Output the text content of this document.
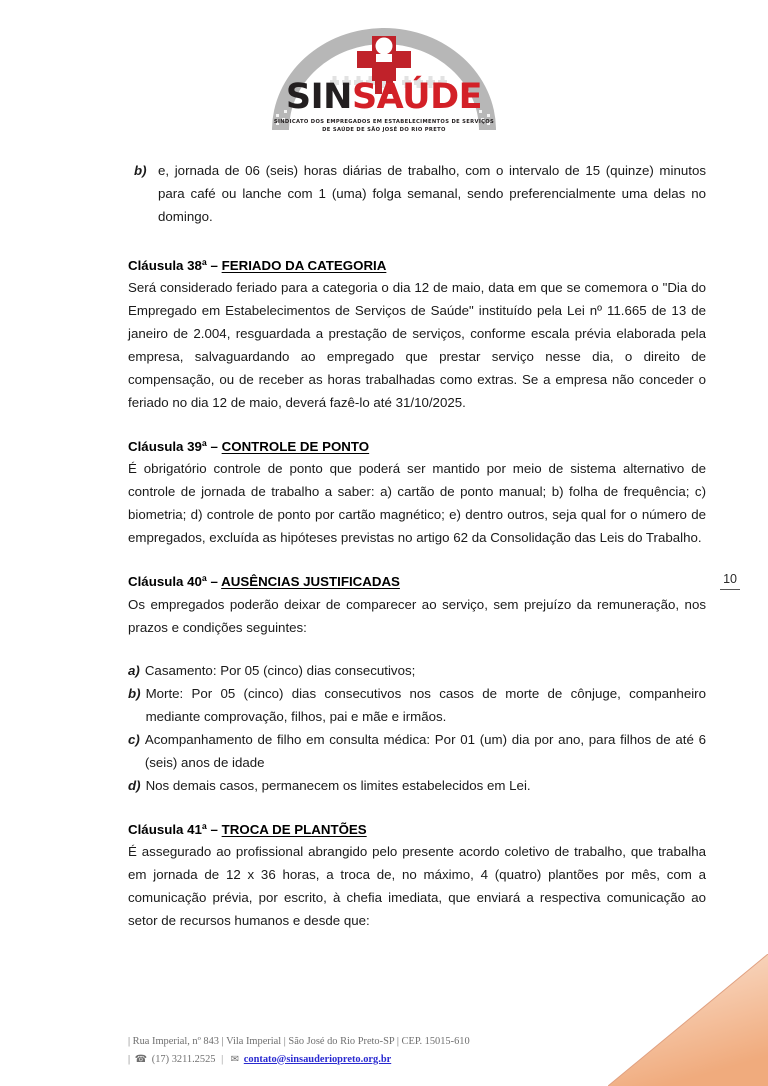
SINSAÚDE
SINDICATO DOS EMPREGADOS EM ESTABELECIMENTOS DE SERVIÇOS
DE SAÚDE DE SÃO JOSÉ DO RIO PRETO
10
b) e, jornada de 06 (seis) horas diárias de trabalho, com o intervalo de 15 (quinze) minutos para café ou lanche com 1 (uma) folga semanal, sendo preferencialmente uma delas no domingo.

Cláusula 38ª – FERIADO DA CATEGORIA

Será considerado feriado para a categoria o dia 12 de maio, data em que se comemora o "Dia do Empregado em Estabelecimentos de Serviços de Saúde" instituído pela Lei nº 11.665 de 13 de janeiro de 2.004, resguardada a prestação de serviços, conforme escala prévia elaborada pela empresa, salvaguardando ao empregado que prestar serviço nesse dia, o direito de compensação, ou de receber as horas trabalhadas como extras. Se a empresa não conceder o feriado no dia 12 de maio, deverá fazê-lo até 31/10/2025.

Cláusula 39ª – CONTROLE DE PONTO

É obrigatório controle de ponto que poderá ser mantido por meio de sistema alternativo de controle de jornada de trabalho a saber: a) cartão de ponto manual; b) folha de frequência; c) biometria; d) controle de ponto por cartão magnético; e) dentro outros, seja qual for o número de empregados, excluída as hipóteses previstas no artigo 62 da Consolidação das Leis do Trabalho.

Cláusula 40ª – AUSÊNCIAS JUSTIFICADAS

Os empregados poderão deixar de comparecer ao serviço, sem prejuízo da remuneração, nos prazos e condições seguintes:

a) Casamento: Por 05 (cinco) dias consecutivos;
b) Morte: Por 05 (cinco) dias consecutivos nos casos de morte de cônjuge, companheiro mediante comprovação, filhos, pai e mãe e irmãos.
c) Acompanhamento de filho em consulta médica: Por 01 (um) dia por ano, para filhos de até 6 (seis) anos de idade
d) Nos demais casos, permanecem os limites estabelecidos em Lei.

Cláusula 41ª – TROCA DE PLANTÕES

É assegurado ao profissional abrangido pelo presente acordo coletivo de trabalho, que trabalha em jornada de 12 x 36 horas, a troca de, no máximo, 4 (quatro) plantões por mês, com a comunicação prévia, por escrito, à chefia imediata, que enviará a respectiva comunicação ao setor de recursos humanos e desde que:

| Rua Imperial, nº 843 | Vila Imperial | São José do Rio Preto-SP | CEP. 15015-610
| ☎ (17) 3211.2525 | ✉ contato@sinsauderiopreto.org.br
